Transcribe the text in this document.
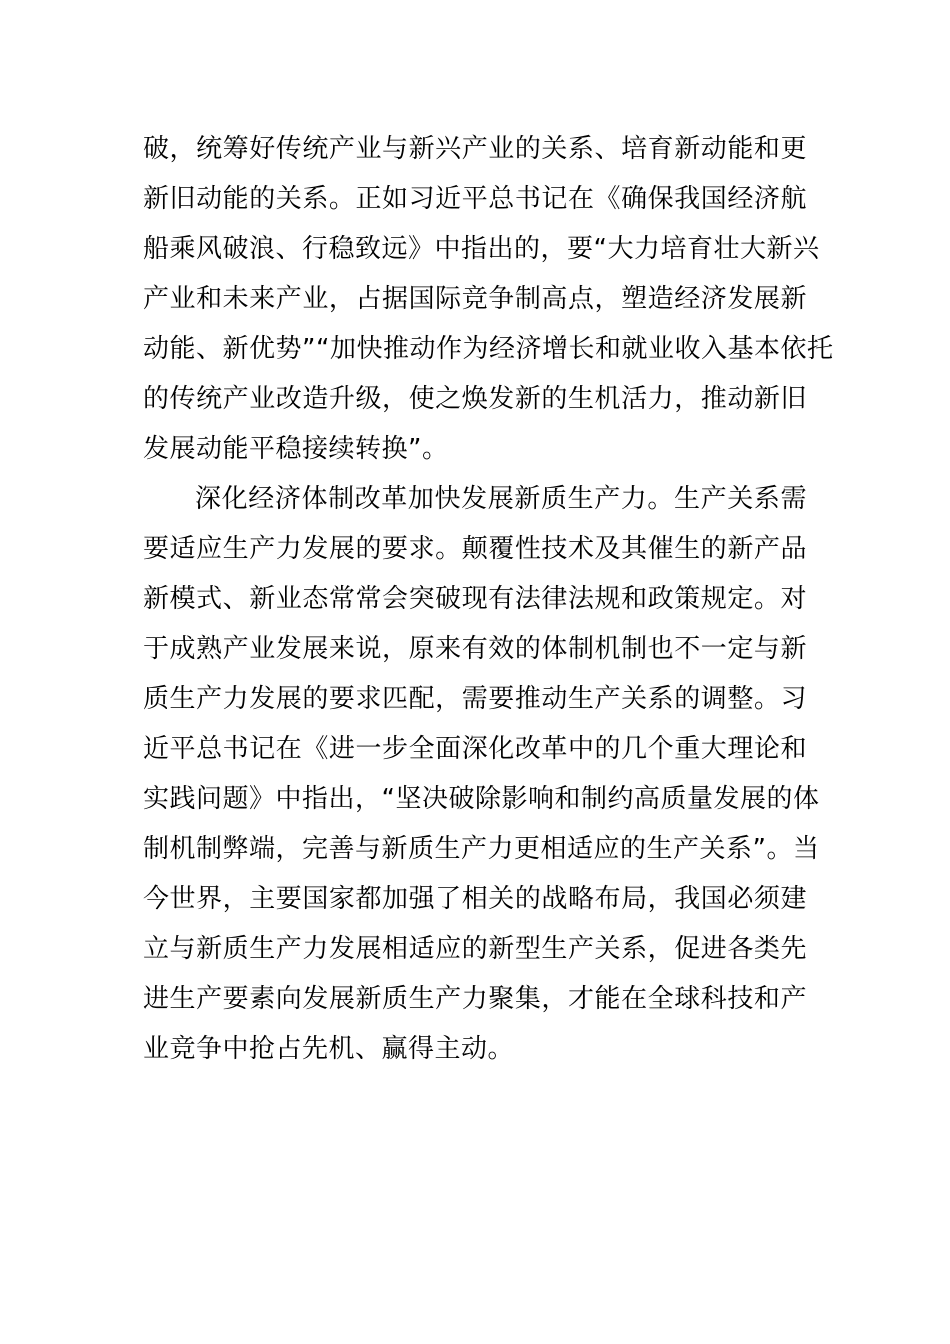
破，统筹好传统产业与新兴产业的关系、培育新动能和更
新旧动能的关系。正如习近平总书记在《确保我国经济航
船乘风破浪、行稳致远》中指出的，要“大力培育壮大新兴
产业和未来产业，占据国际竞争制高点，塑造经济发展新
动能、新优势”“加快推动作为经济增长和就业收入基本依托
的传统产业改造升级，使之焕发新的生机活力，推动新旧
发展动能平稳接续转换”。
深化经济体制改革加快发展新质生产力。生产关系需
要适应生产力发展的要求。颠覆性技术及其催生的新产品
新模式、新业态常常会突破现有法律法规和政策规定。对
于成熟产业发展来说，原来有效的体制机制也不一定与新
质生产力发展的要求匹配，需要推动生产关系的调整。习
近平总书记在《进一步全面深化改革中的几个重大理论和
实践问题》中指出，“坚决破除影响和制约高质量发展的体
制机制弊端，完善与新质生产力更相适应的生产关系”。当
今世界，主要国家都加强了相关的战略布局，我国必须建
立与新质生产力发展相适应的新型生产关系，促进各类先
进生产要素向发展新质生产力聚集，才能在全球科技和产
业竞争中抢占先机、赢得主动。
